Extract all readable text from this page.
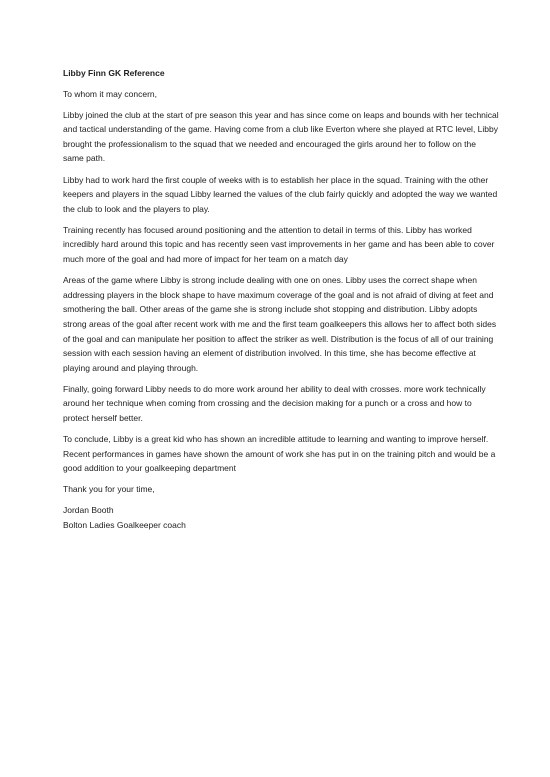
Libby Finn GK Reference

To whom it may concern,

Libby joined the club at the start of pre season this year and has since come on leaps and bounds with her technical and tactical understanding of the game. Having come from a club like Everton where she played at RTC level, Libby brought the professionalism to the squad that we needed and encouraged the girls around her to follow on the same path.

Libby had to work hard the first couple of weeks with is to establish her place in the squad. Training with the other keepers and players in the squad Libby learned the values of the club fairly quickly and adopted the way we wanted the club to look and the players to play.

Training recently has focused around positioning and the attention to detail in terms of this. Libby has worked incredibly hard around this topic and has recently seen vast improvements in her game and has been able to cover much more of the goal and had more of impact for her team on a match day

Areas of the game where Libby is strong include dealing with one on ones. Libby uses the correct shape when addressing players in the block shape to have maximum coverage of the goal and is not afraid of diving at feet and smothering the ball. Other areas of the game she is strong include shot stopping and distribution. Libby adopts strong areas of the goal after recent work with me and the first team goalkeepers this allows her to affect both sides of the goal and can manipulate her position to affect the striker as well. Distribution is the focus of all of our training session with each session having an element of distribution involved. In this time, she has become effective at playing around and playing through.

Finally, going forward Libby needs to do more work around her ability to deal with crosses. more work technically around her technique when coming from crossing and the decision making for a punch or a cross and how to protect herself better.

To conclude, Libby is a great kid who has shown an incredible attitude to learning and wanting to improve herself. Recent performances in games have shown the amount of work she has put in on the training pitch and would be a good addition to your goalkeeping department

Thank you for your time,

Jordan Booth

Bolton Ladies Goalkeeper coach
